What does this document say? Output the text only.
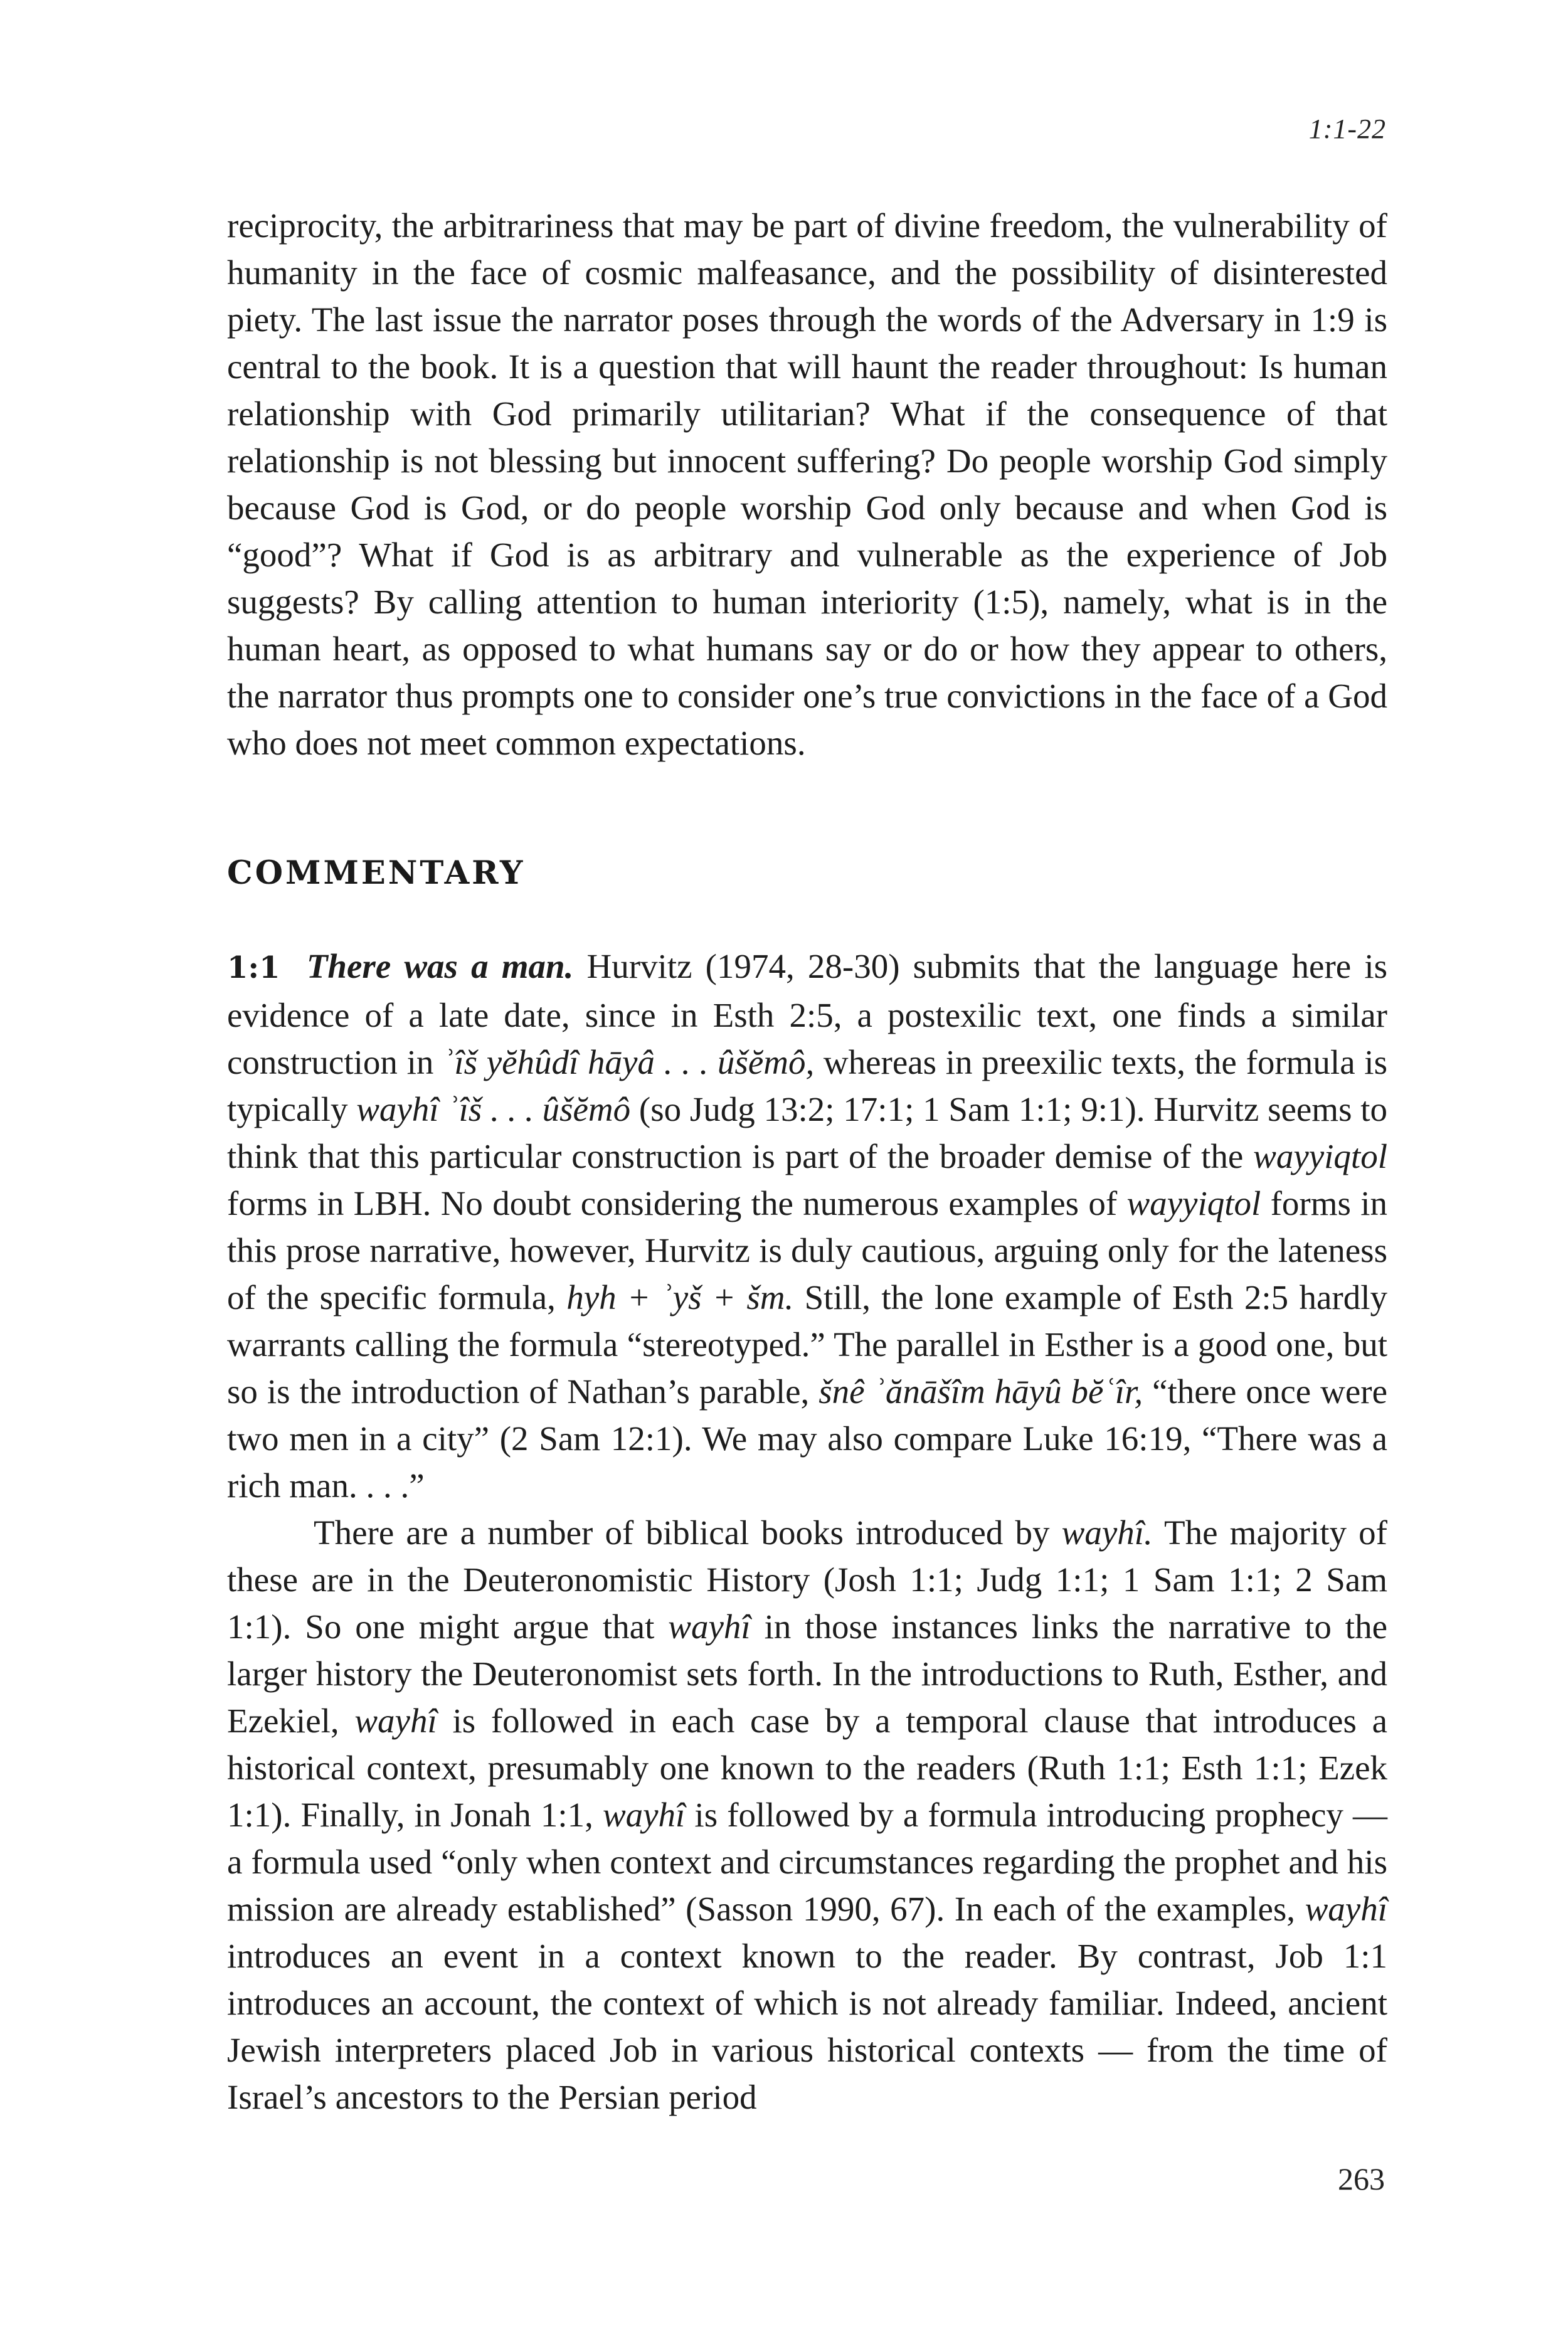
1:1-22

reciprocity, the arbitrariness that may be part of divine freedom, the vulnerability of humanity in the face of cosmic malfeasance, and the possibility of disinterested piety. The last issue the narrator poses through the words of the Adversary in 1:9 is central to the book. It is a question that will haunt the reader throughout: Is human relationship with God primarily utilitarian? What if the consequence of that relationship is not blessing but innocent suffering? Do people worship God simply because God is God, or do people worship God only because and when God is “good”? What if God is as arbitrary and vulnerable as the experience of Job suggests? By calling attention to human interiority (1:5), namely, what is in the human heart, as opposed to what humans say or do or how they appear to others, the narrator thus prompts one to consider one’s true convictions in the face of a God who does not meet common expectations.

COMMENTARY

1:1 There was a man. Hurvitz (1974, 28-30) submits that the language here is evidence of a late date, since in Esth 2:5, a postexilic text, one finds a similar construction in ʾîš yĕhûdî hāyâ . . . ûšĕmô, whereas in preexilic texts, the formula is typically wayhî ʾîš . . . ûšĕmô (so Judg 13:2; 17:1; 1 Sam 1:1; 9:1). Hurvitz seems to think that this particular construction is part of the broader demise of the wayyiqtol forms in LBH. No doubt considering the numerous examples of wayyiqtol forms in this prose narrative, however, Hurvitz is duly cautious, arguing only for the lateness of the specific formula, hyh + ʾyš + šm. Still, the lone example of Esth 2:5 hardly warrants calling the formula “stereotyped.” The parallel in Esther is a good one, but so is the introduction of Nathan’s parable, šnê ʾănāšîm hāyû bĕʿîr, “there once were two men in a city” (2 Sam 12:1). We may also compare Luke 16:19, “There was a rich man. . . .”

There are a number of biblical books introduced by wayhî. The majority of these are in the Deuteronomistic History (Josh 1:1; Judg 1:1; 1 Sam 1:1; 2 Sam 1:1). So one might argue that wayhî in those instances links the narrative to the larger history the Deuteronomist sets forth. In the introductions to Ruth, Esther, and Ezekiel, wayhî is followed in each case by a temporal clause that introduces a historical context, presumably one known to the readers (Ruth 1:1; Esth 1:1; Ezek 1:1). Finally, in Jonah 1:1, wayhî is followed by a formula introducing prophecy — a formula used “only when context and circumstances regarding the prophet and his mission are already established” (Sasson 1990, 67). In each of the examples, wayhî introduces an event in a context known to the reader. By contrast, Job 1:1 introduces an account, the context of which is not already familiar. Indeed, ancient Jewish interpreters placed Job in various historical contexts — from the time of Israel’s ancestors to the Persian period

263
